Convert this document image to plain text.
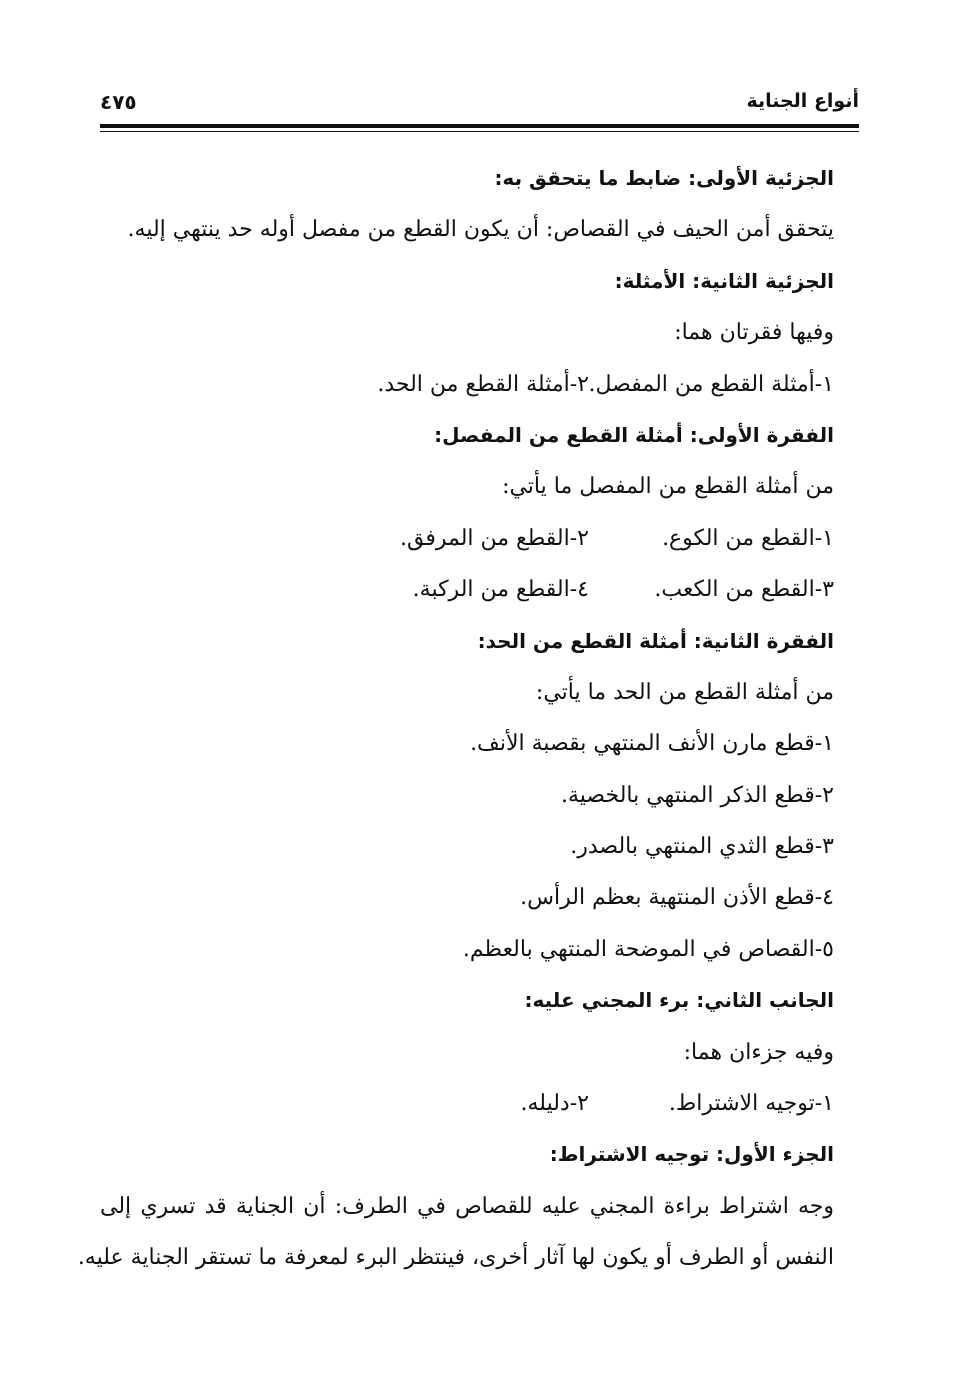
أنواع الجناية
٤٧٥
الجزئية الأولى: ضابط ما يتحقق به:
يتحقق أمن الحيف في القصاص: أن يكون القطع من مفصل أوله حد ينتهي إليه.
الجزئية الثانية: الأمثلة:
وفيها فقرتان هما:
١-أمثلة القطع من المفصل.٢-أمثلة القطع من الحد.
الفقرة الأولى: أمثلة القطع من المفصل:
من أمثلة القطع من المفصل ما يأتي:
١-القطع من الكوع.٢-القطع من المرفق.
٣-القطع من الكعب.٤-القطع من الركبة.
الفقرة الثانية: أمثلة القطع من الحد:
من أمثلة القطع من الحد ما يأتي:
١-قطع مارن الأنف المنتهي بقصبة الأنف.
٢-قطع الذكر المنتهي بالخصية.
٣-قطع الثدي المنتهي بالصدر.
٤-قطع الأذن المنتهية بعظم الرأس.
٥-القصاص في الموضحة المنتهي بالعظم.
الجانب الثاني: برء المجني عليه:
وفيه جزءان هما:
١-توجيه الاشتراط.٢-دليله.
الجزء الأول: توجيه الاشتراط:
وجه اشتراط براءة المجني عليه للقصاص في الطرف: أن الجناية قد تسري إلى
النفس أو الطرف أو يكون لها آثار أخرى، فينتظر البرء لمعرفة ما تستقر الجناية عليه.
